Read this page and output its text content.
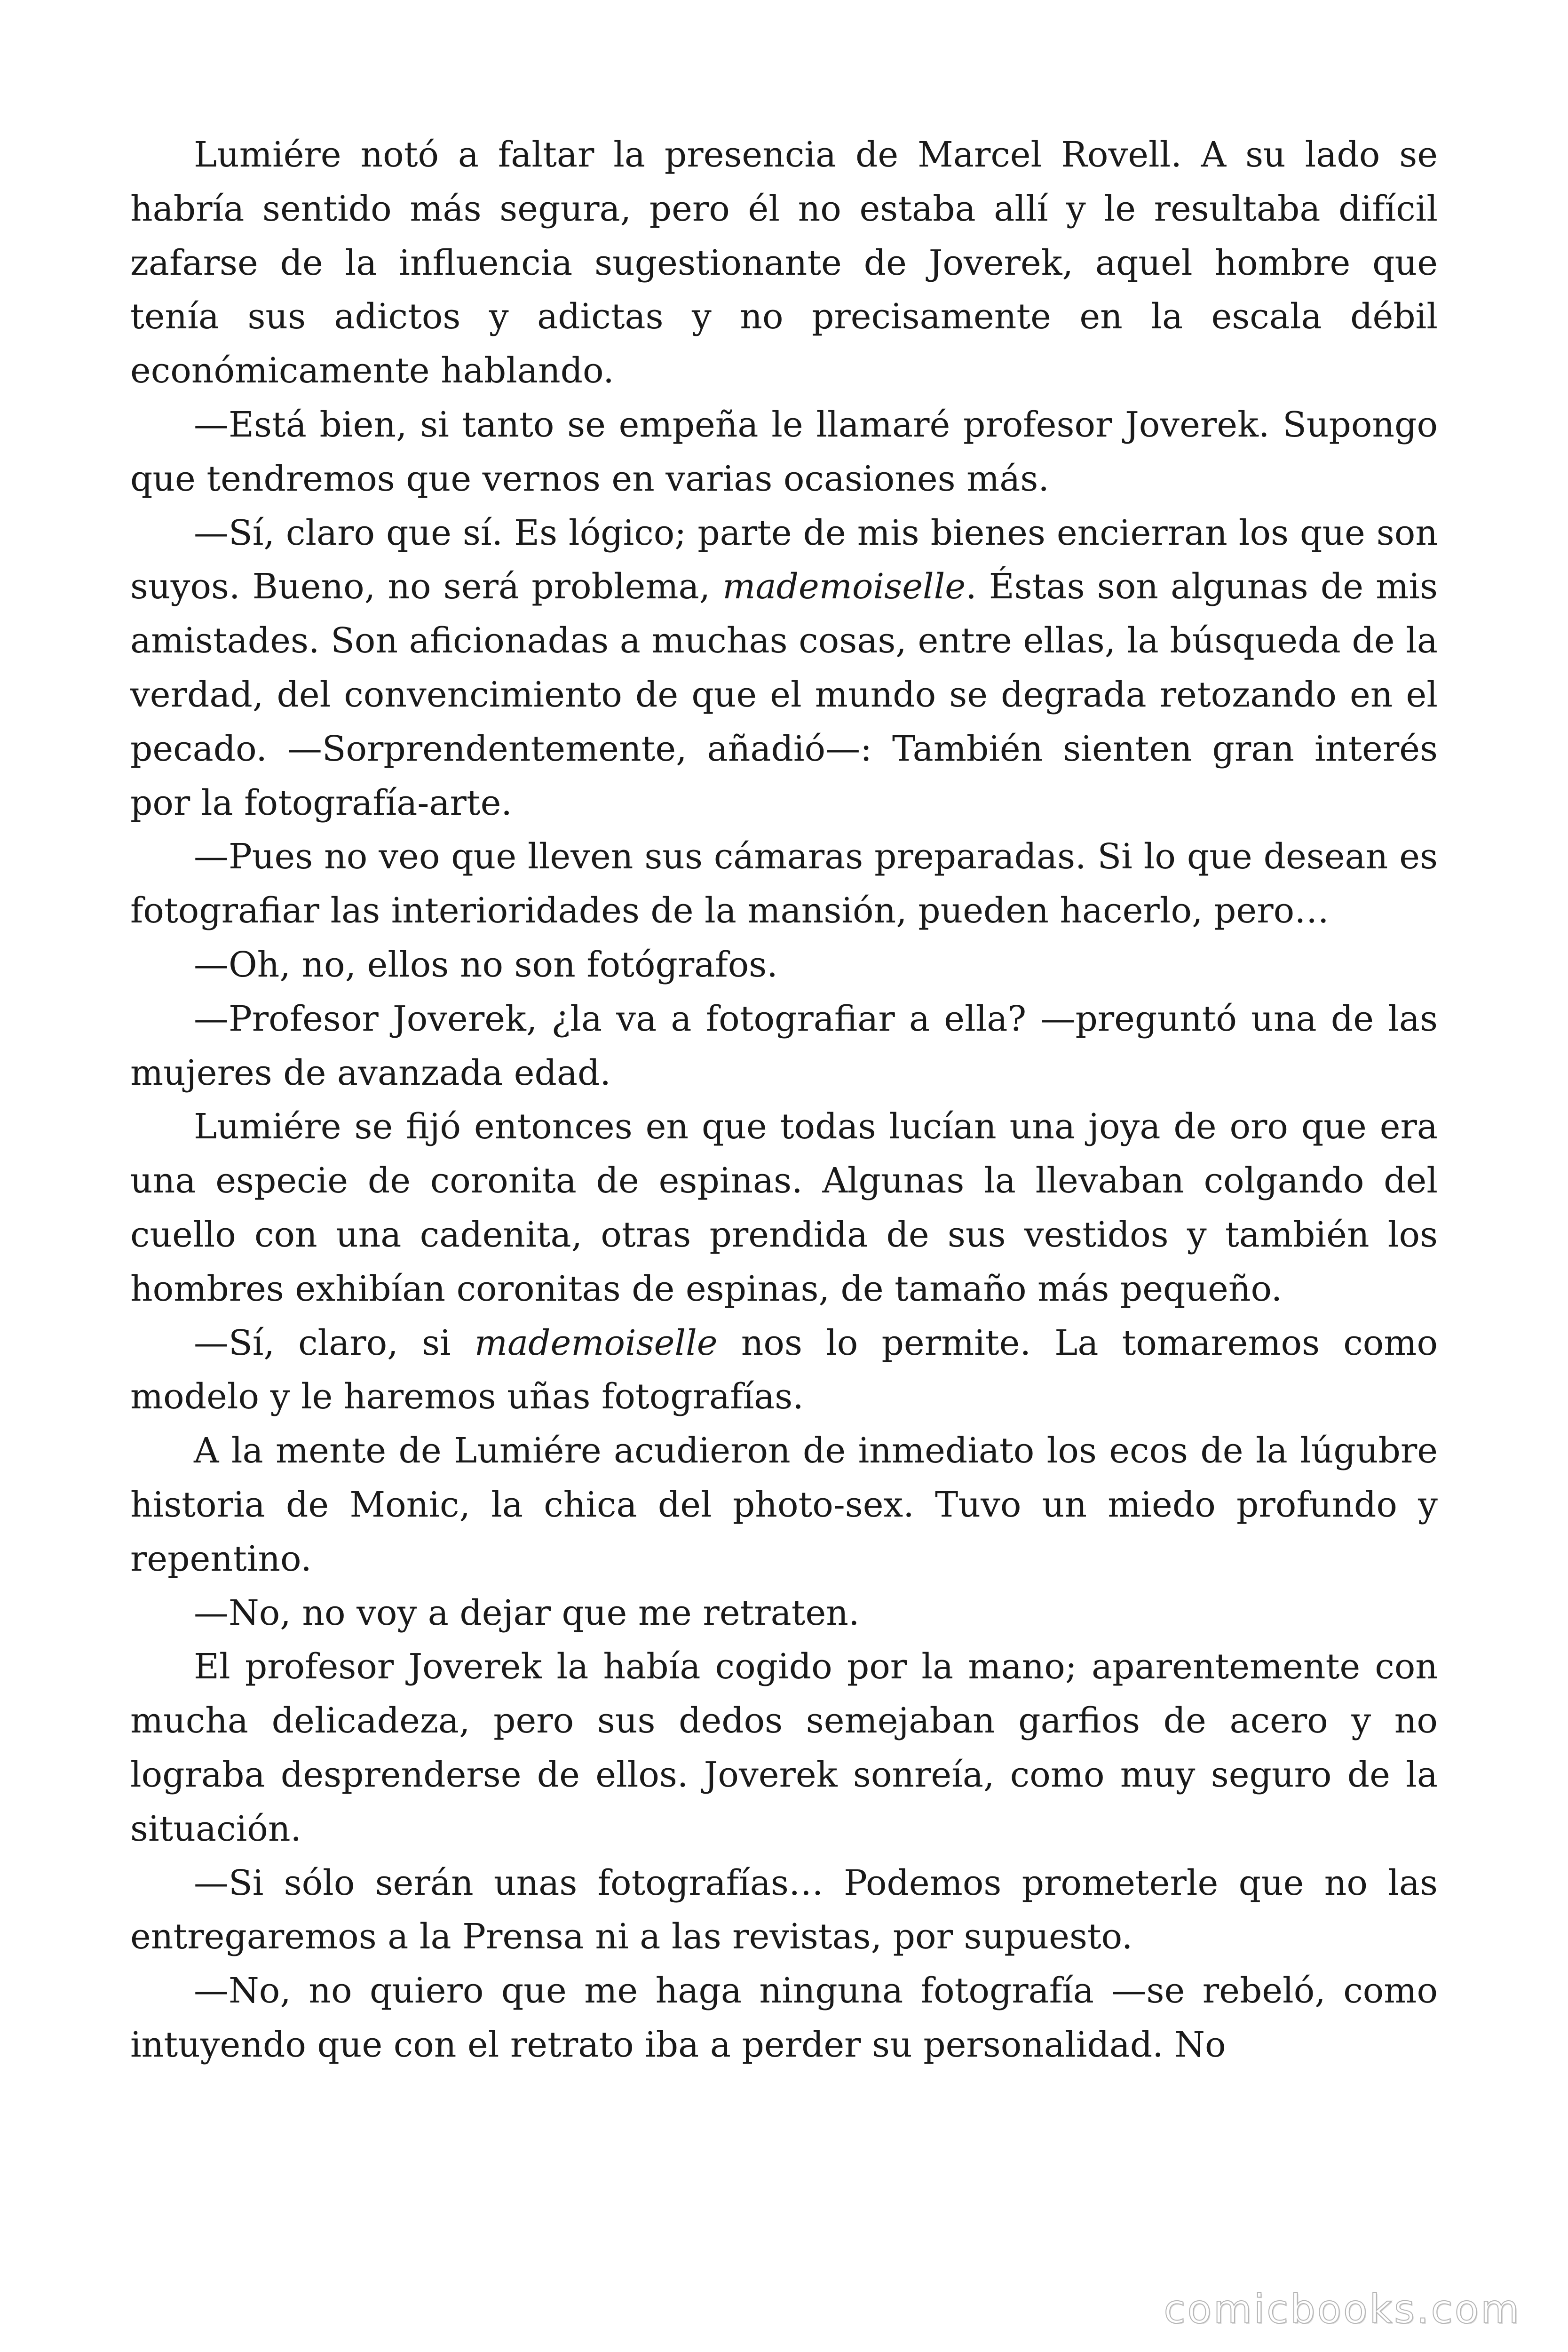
Lumiére notó a faltar la presencia de Marcel Rovell. A su lado se habría sentido más segura, pero él no estaba allí y le resultaba difícil zafarse de la influencia sugestionante de Joverek, aquel hombre que tenía sus adictos y adictas y no precisamente en la escala débil económicamente hablando.

—Está bien, si tanto se empeña le llamaré profesor Joverek. Supongo que tendremos que vernos en varias ocasiones más.

—Sí, claro que sí. Es lógico; parte de mis bienes encierran los que son suyos. Bueno, no será problema, mademoiselle. Éstas son algunas de mis amistades. Son aficionadas a muchas cosas, entre ellas, la búsqueda de la verdad, del convencimiento de que el mundo se degrada retozando en el pecado. —Sorprendentemente, añadió—: También sienten gran interés por la fotografía-arte.

—Pues no veo que lleven sus cámaras preparadas. Si lo que desean es fotografiar las interioridades de la mansión, pueden hacerlo, pero…

—Oh, no, ellos no son fotógrafos.

—Profesor Joverek, ¿la va a fotografiar a ella? —preguntó una de las mujeres de avanzada edad.

Lumiére se fijó entonces en que todas lucían una joya de oro que era una especie de coronita de espinas. Algunas la llevaban colgando del cuello con una cadenita, otras prendida de sus vestidos y también los hombres exhibían coronitas de espinas, de tamaño más pequeño.

—Sí, claro, si mademoiselle nos lo permite. La tomaremos como modelo y le haremos uñas fotografías.

A la mente de Lumiére acudieron de inmediato los ecos de la lúgubre historia de Monic, la chica del photo-sex. Tuvo un miedo profundo y repentino.

—No, no voy a dejar que me retraten.

El profesor Joverek la había cogido por la mano; aparentemente con mucha delicadeza, pero sus dedos semejaban garfios de acero y no lograba desprenderse de ellos. Joverek sonreía, como muy seguro de la situación.

—Si sólo serán unas fotografías… Podemos prometerle que no las entregaremos a la Prensa ni a las revistas, por supuesto.

—No, no quiero que me haga ninguna fotografía —se rebeló, como intuyendo que con el retrato iba a perder su personalidad. No

comicbooks.com
